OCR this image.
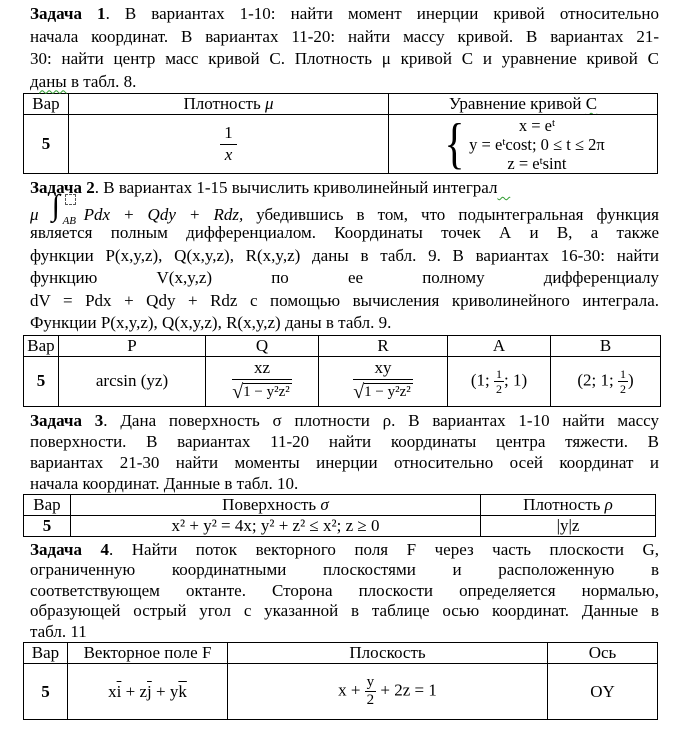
Задача 1. В вариантах 1-10: найти момент инерции кривой относительно
начала координат. В вариантах 11-20: найти массу кривой. В вариантах 21-
30: найти центр масс кривой С. Плотность μ кривой С и уравнение кривой С
даны в табл. 8.
Вар	Плотность μ	Уравнение кривой С
5	$\frac{1}{x}$	{ $x = e^t$
$y = e^t\cos t$; 0 ≤ t ≤ 2π
$z = e^t\sin t$
Задача 2. В вариантах 1-15 вычислить криволинейный интеграл
μ ∫ AB Pdx + Qdy + Rdz, убедившись в том, что подынтегральная функция
является полным дифференциалом. Координаты точек А и В, а также
функции P(x,y,z), Q(x,y,z), R(x,y,z) даны в табл. 9. В вариантах 16-30: найти
функцию V(x,y,z) по ее полному дифференциалу
dV = Pdx + Qdy + Rdz с помощью вычисления криволинейного интеграла.
Функции P(x,y,z), Q(x,y,z), R(x,y,z) даны в табл. 9.
Вар	P	Q	R	A	B
5	arcsin (yz)	$\frac{xz}{\text{√1 − y²z²}}$	$\frac{xy}{\text{√1 − y²z²}}$	(1; $\frac{1}{2}$ ; 1)	(2; 1; $\frac{1}{2}$ )
Задача 3. Дана поверхность σ плотности ρ. В вариантах 1-10 найти массу
поверхности. В вариантах 11-20 найти координаты центра тяжести. В
вариантах 21-30 найти моменты инерции относительно осей координат и
начала координат. Данные в табл. 10.
Вар	Поверхность σ	Плотность ρ
5	x² + y² = 4x; y² + z² ≤ x²; z ≥ 0	|y|z
Задача 4. Найти поток векторного поля F через часть плоскости G,
ограниченную координатными плоскостями и расположенную в
соответствующем октанте. Сторона плоскости определяется нормалью,
образующей острый угол с указанной в таблице осью координат. Данные в
табл. 11
Вар	Векторное поле F	Плоскость	Ось
5	$x\overline{i} + z\overline{j} + y\overline{k}$	$x + \frac{y}{2} + 2z = 1$	OY
